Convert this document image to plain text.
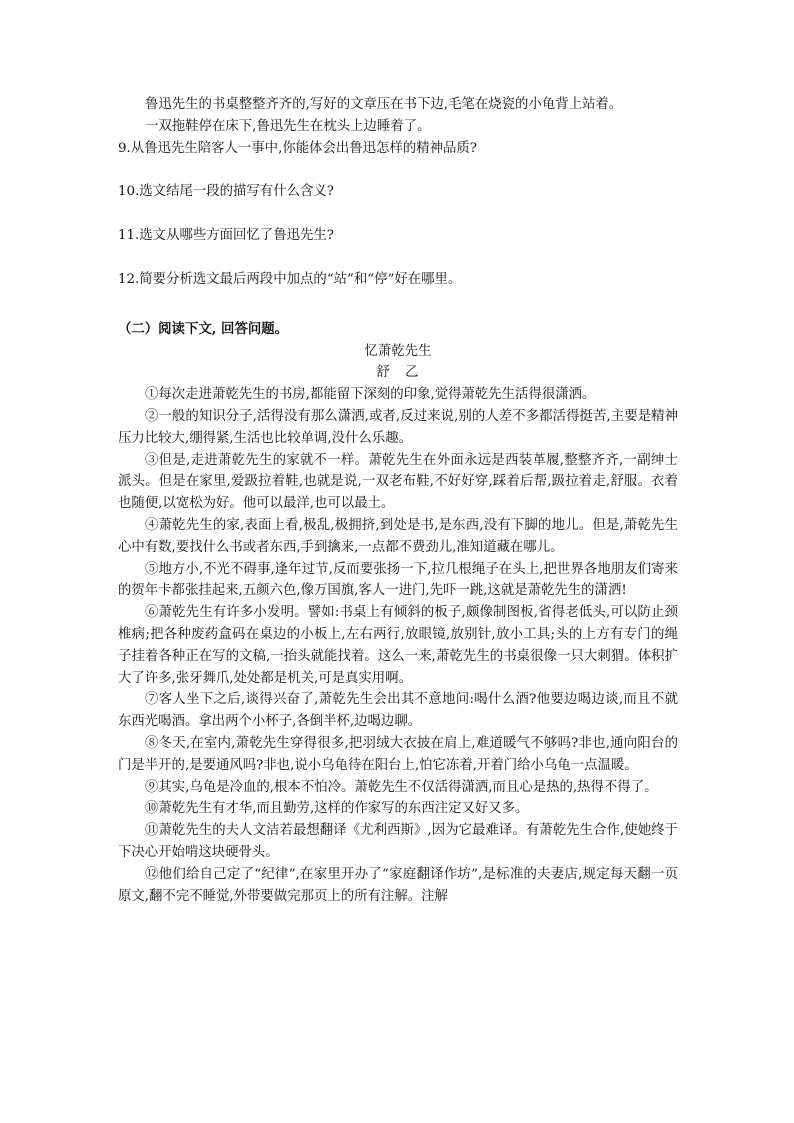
鲁迅先生的书桌整整齐齐的,写好的文章压在书下边,毛笔在烧瓷的小龟背上站着。

一双拖鞋停在床下,鲁迅先生在枕头上边睡着了。

9.从鲁迅先生陪客人一事中,你能体会出鲁迅怎样的精神品质?

10.选文结尾一段的描写有什么含义?

11.选文从哪些方面回忆了鲁迅先生?

12.简要分析选文最后两段中加点的“站”和“停”好在哪里。

（二）阅读下文, 回答问题。

忆萧乾先生

舒　乙

①每次走进萧乾先生的书房,都能留下深刻的印象,觉得萧乾先生活得很潇洒。

②一般的知识分子,活得没有那么潇洒,或者,反过来说,别的人差不多都活得挺苦,主要是精神压力比较大,绷得紧,生活也比较单调,没什么乐趣。

③但是,走进萧乾先生的家就不一样。萧乾先生在外面永远是西装革履,整整齐齐,一副绅士派头。但是在家里,爱趿拉着鞋,也就是说,一双老布鞋,不好好穿,踩着后帮,趿拉着走,舒服。衣着也随便,以宽松为好。他可以最洋,也可以最土。

④萧乾先生的家,表面上看,极乱,极拥挤,到处是书,是东西,没有下脚的地儿。但是,萧乾先生心中有数,要找什么书或者东西,手到擒来,一点都不费劲儿,准知道藏在哪儿。

⑤地方小,不光不碍事,逢年过节,反而要张扬一下,拉几根绳子在头上,把世界各地朋友们寄来的贺年卡都张挂起来,五颜六色,像万国旗,客人一进门,先吓一跳,这就是萧乾先生的潇洒!

⑥萧乾先生有许多小发明。譬如:书桌上有倾斜的板子,颇像制图板,省得老低头,可以防止颈椎病;把各种废药盒码在桌边的小板上,左右两行,放眼镜,放别针,放小工具;头的上方有专门的绳子挂着各种正在写的文稿,一抬头就能找着。这么一来,萧乾先生的书桌很像一只大刺猬。体积扩大了许多,张牙舞爪,处处都是机关,可是真实用啊。

⑦客人坐下之后,谈得兴奋了,萧乾先生会出其不意地问:喝什么酒?他要边喝边谈,而且不就东西光喝酒。拿出两个小杯子,各倒半杯,边喝边聊。

⑧冬天,在室内,萧乾先生穿得很多,把羽绒大衣披在肩上,难道暖气不够吗?非也,通向阳台的门是半开的,是要通风吗?非也,说小乌龟待在阳台上,怕它冻着,开着门给小乌龟一点温暖。

⑨其实,乌龟是冷血的,根本不怕冷。萧乾先生不仅活得潇洒,而且心是热的,热得不得了。

⑩萧乾先生有才华,而且勤劳,这样的作家写的东西注定又好又多。

⑪萧乾先生的夫人文洁若最想翻译《尤利西斯》,因为它最难译。有萧乾先生合作,使她终于下决心开始啃这块硬骨头。

⑫他们给自己定了“纪律”,在家里开办了“家庭翻译作坊”,是标准的夫妻店,规定每天翻一页原文,翻不完不睡觉,外带要做完那页上的所有注解。注解
